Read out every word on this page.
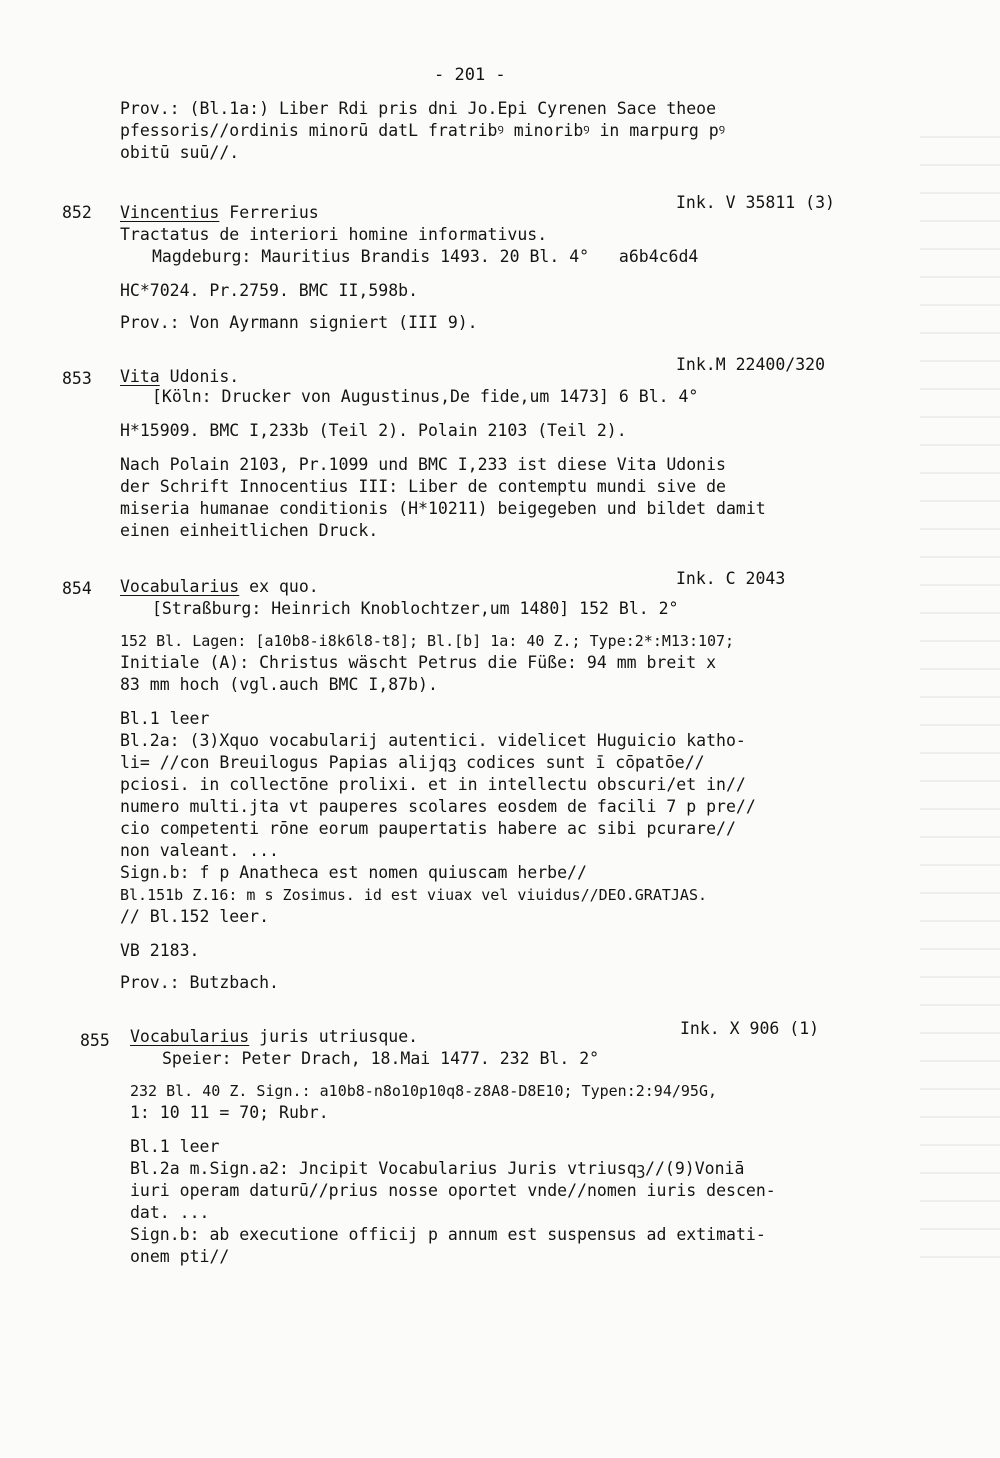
- 201 -
Prov.: (Bl.1a:) Liber Rdi pris dni Jo.Epi Cyrenen Sace theoe
pfessoris//ordinis minorū datL fratribꝰ minoribꝰ in marpurg pꝰ
obitū suū//.
852 Vincentius Ferrerius
Ink. V 35811 (3)
Tractatus de interiori homine informativus.
Magdeburg: Mauritius Brandis 1493. 20 Bl. 4°   a6b4c6d4
HC*7024. Pr.2759. BMC II,598b.
Prov.: Von Ayrmann signiert (III 9).
853 Vita Udonis.
Ink.M 22400/320
[Köln: Drucker von Augustinus,De fide,um 1473] 6 Bl. 4°
H*15909. BMC I,233b (Teil 2). Polain 2103 (Teil 2).
Nach Polain 2103, Pr.1099 und BMC I,233 ist diese Vita Udonis
der Schrift Innocentius III: Liber de contemptu mundi sive de
miseria humanae conditionis (H*10211) beigegeben und bildet damit
einen einheitlichen Druck.
854 Vocabularius ex quo.	Ink. C 2043
[Straßburg: Heinrich Knoblochtzer,um 1480] 152 Bl. 2°
152 Bl. Lagen: [a10b8-i8k6l8-t8]; Bl.[b] 1a: 40 Z.; Type:2*:M13:107;
Initiale (A): Christus wäscht Petrus die Füße: 94 mm breit x
83 mm hoch (vgl.auch BMC I,87b).
Bl.1 leer
Bl.2a: (3)Xquo vocabularij autentici. videlicet Huguicio katho-
li= //con Breuilogus Papias alijqꝫ codices sunt ī cōpatōe//
pciosi. in collectōne prolixi. et in intellectu obscuri/et in//
numero multi.jta vt pauperes scolares eosdem de facili 7 p pre//
cio competenti rōne eorum paupertatis habere ac sibi pcurare//
non valeant. ...
Sign.b: f p Anatheca est nomen quiuscam herbe//
Bl.151b Z.16: m s Zosimus. id est viuax vel viuidus//DEO.GRATJAS.
// Bl.152 leer.
VB 2183.
Prov.: Butzbach.
855 Vocabularius juris utriusque.	Ink. X 906 (1)
Speier: Peter Drach, 18.Mai 1477. 232 Bl. 2°
232 Bl. 40 Z. Sign.: a10b8-n8o10p10q8-z8A8-D8E10; Typen:2:94/95G,
1: 10 11 = 70; Rubr.
Bl.1 leer
Bl.2a m.Sign.a2: Jncipit Vocabularius Juris vtriusqꝫ//(9)Voniā
iuri operam daturū//prius nosse oportet vnde//nomen iuris descen-
dat. ...
Sign.b: ab executione officij p annum est suspensus ad extimati-
onem pti//
